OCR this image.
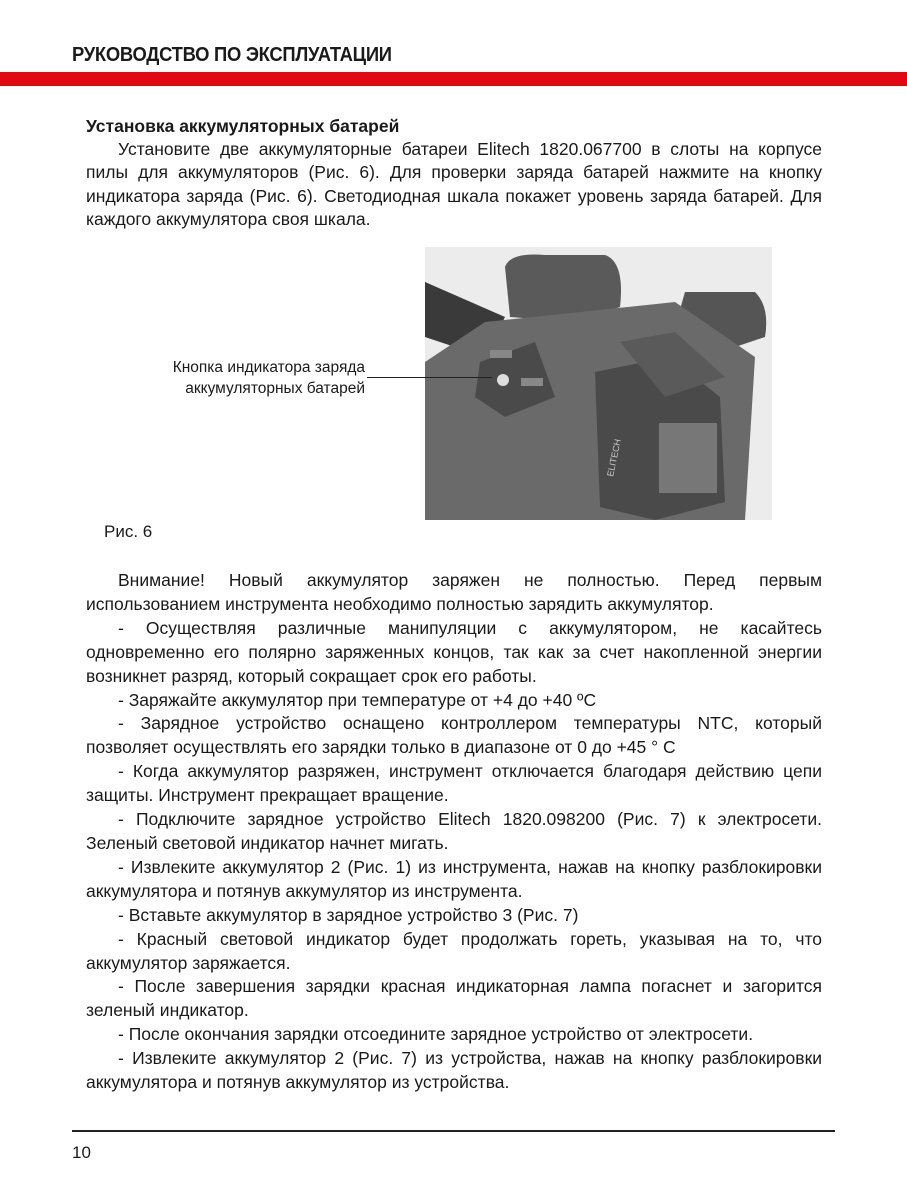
РУКОВОДСТВО ПО ЭКСПЛУАТАЦИИ
Установка аккумуляторных батарей

Установите две аккумуляторные батареи Elitech 1820.067700 в слоты на корпусе пилы для аккумуляторов (Рис. 6). Для проверки заряда батарей нажмите на кнопку индикатора заряда (Рис. 6). Светодиодная шкала покажет уровень заряда батарей. Для каждого аккумулятора своя шкала.

ELITECH
Кнопка индикатора заряда
аккумуляторных батарей
Рис. 6

Внимание! Новый аккумулятор заряжен не полностью. Перед первым использованием инструмента необходимо полностью зарядить аккумулятор.

- Осуществляя различные манипуляции с аккумулятором, не касайтесь одновременно его полярно заряженных концов, так как за счет накопленной энергии возникнет разряд, который сокращает срок его работы.

- Заряжайте аккумулятор при температуре от +4 до +40 ºС

- Зарядное устройство оснащено контроллером температуры NTC, который позволяет осуществлять его зарядки только в диапазоне от 0 до +45 ° С

- Когда аккумулятор разряжен, инструмент отключается благодаря действию цепи защиты. Инструмент прекращает вращение.

- Подключите зарядное устройство Elitech 1820.098200 (Рис. 7) к электросети. Зеленый световой индикатор начнет мигать.

- Извлеките аккумулятор 2 (Рис. 1) из инструмента, нажав на кнопку разблокировки аккумулятора и потянув аккумулятор из инструмента.

- Вставьте аккумулятор в зарядное устройство 3 (Рис. 7)

- Красный световой индикатор будет продолжать гореть, указывая на то, что аккумулятор заряжается.

- После завершения зарядки красная индикаторная лампа погаснет и загорится зеленый индикатор.

- После окончания зарядки отсоедините зарядное устройство от электросети.

- Извлеките аккумулятор 2 (Рис. 7) из устройства, нажав на кнопку разблокировки аккумулятора и потянув аккумулятор из устройства.

10
